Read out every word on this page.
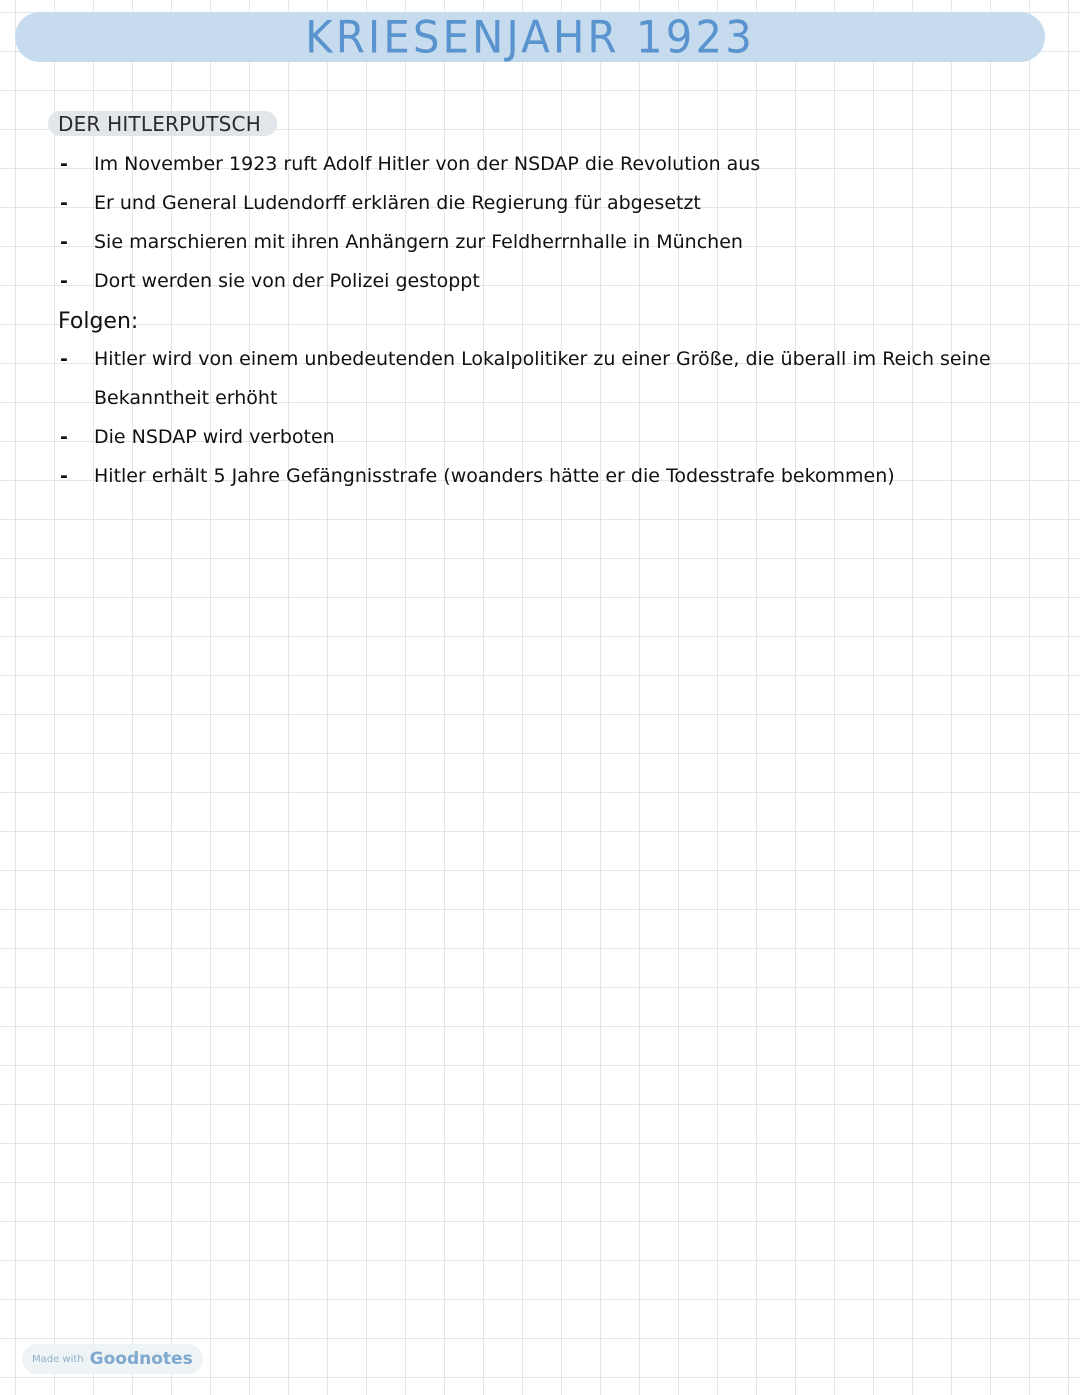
KRIESENJAHR 1923
DER HITLERPUTSCH
-	Im November 1923 ruft Adolf Hitler von der NSDAP die Revolution aus
-	Er und General Ludendorff erklären die Regierung für abgesetzt
-	Sie marschieren mit ihren Anhängern zur Feldherrnhalle in München
-	Dort werden sie von der Polizei gestoppt
Folgen:
-	Hitler wird von einem unbedeutenden Lokalpolitiker zu einer Größe, die überall im Reich seine Bekanntheit erhöht
-	Die NSDAP wird verboten
-	Hitler erhält 5 Jahre Gefängnisstrafe (woanders hätte er die Todesstrafe bekommen)
Made with Goodnotes
